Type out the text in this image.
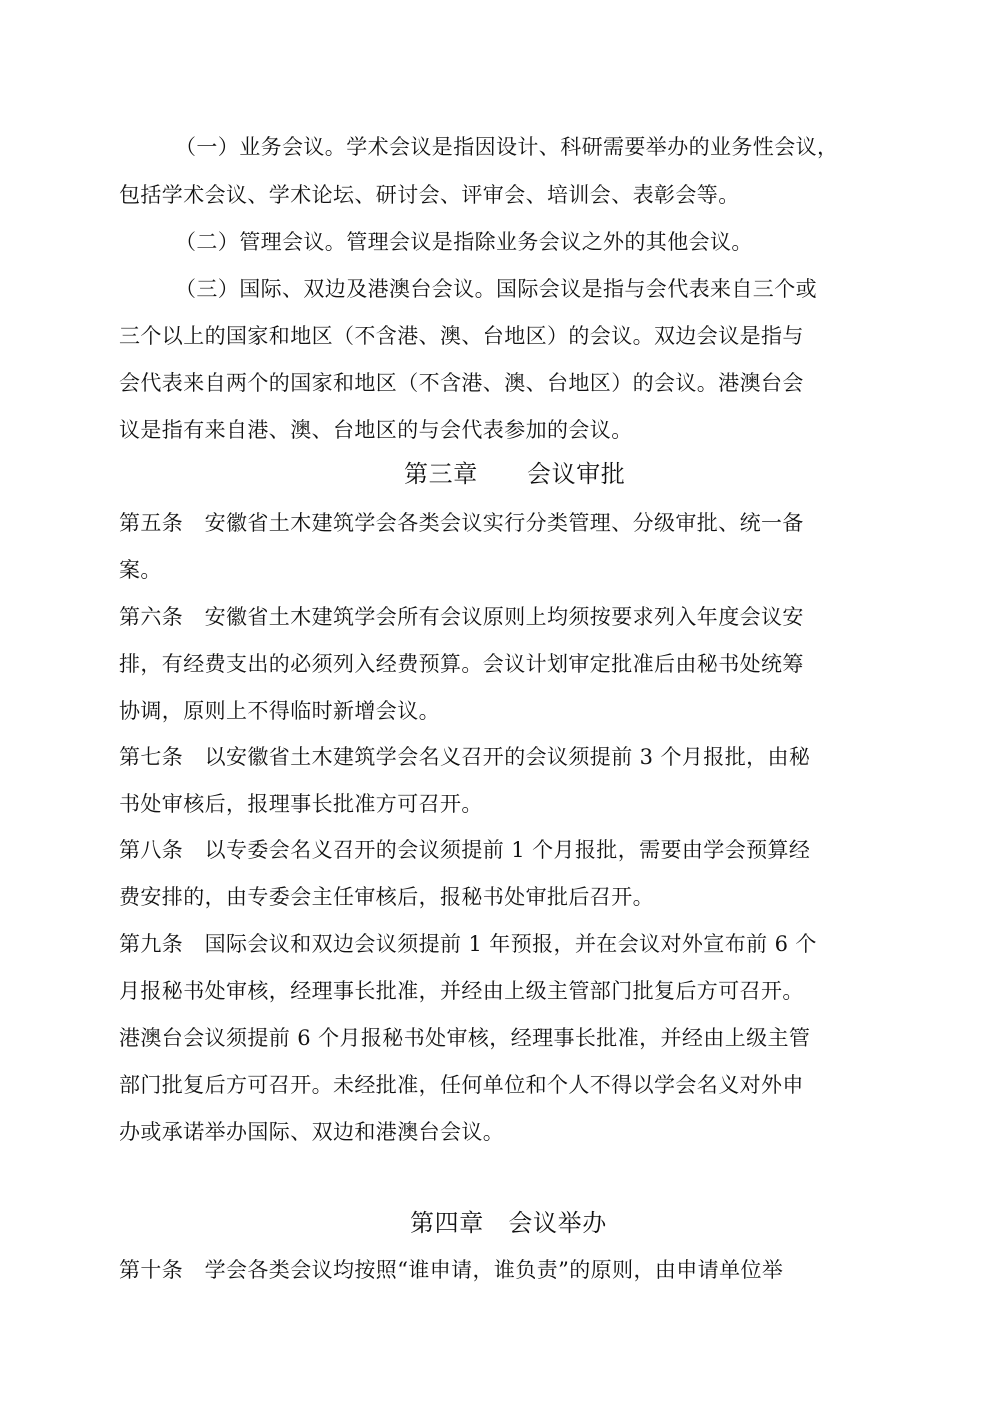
（一）业务会议。学术会议是指因设计、科研需要举办的业务性会议，
包括学术会议、学术论坛、研讨会、评审会、培训会、表彰会等。
（二）管理会议。管理会议是指除业务会议之外的其他会议。
（三）国际、双边及港澳台会议。国际会议是指与会代表来自三个或
三个以上的国家和地区（不含港、澳、台地区）的会议。双边会议是指与
会代表来自两个的国家和地区（不含港、澳、台地区）的会议。港澳台会
议是指有来自港、澳、台地区的与会代表参加的会议。
第三章　　会议审批
第五条　安徽省土木建筑学会各类会议实行分类管理、分级审批、统一备
案。
第六条　安徽省土木建筑学会所有会议原则上均须按要求列入年度会议安
排，有经费支出的必须列入经费预算。会议计划审定批准后由秘书处统筹
协调，原则上不得临时新增会议。
第七条　以安徽省土木建筑学会名义召开的会议须提前 3 个月报批，由秘
书处审核后，报理事长批准方可召开。
第八条　以专委会名义召开的会议须提前 1 个月报批，需要由学会预算经
费安排的，由专委会主任审核后，报秘书处审批后召开。
第九条　国际会议和双边会议须提前 1 年预报，并在会议对外宣布前 6 个
月报秘书处审核，经理事长批准，并经由上级主管部门批复后方可召开。
港澳台会议须提前 6 个月报秘书处审核，经理事长批准，并经由上级主管
部门批复后方可召开。未经批准，任何单位和个人不得以学会名义对外申
办或承诺举办国际、双边和港澳台会议。
第四章　会议举办
第十条　学会各类会议均按照“谁申请，谁负责”的原则，由申请单位举
